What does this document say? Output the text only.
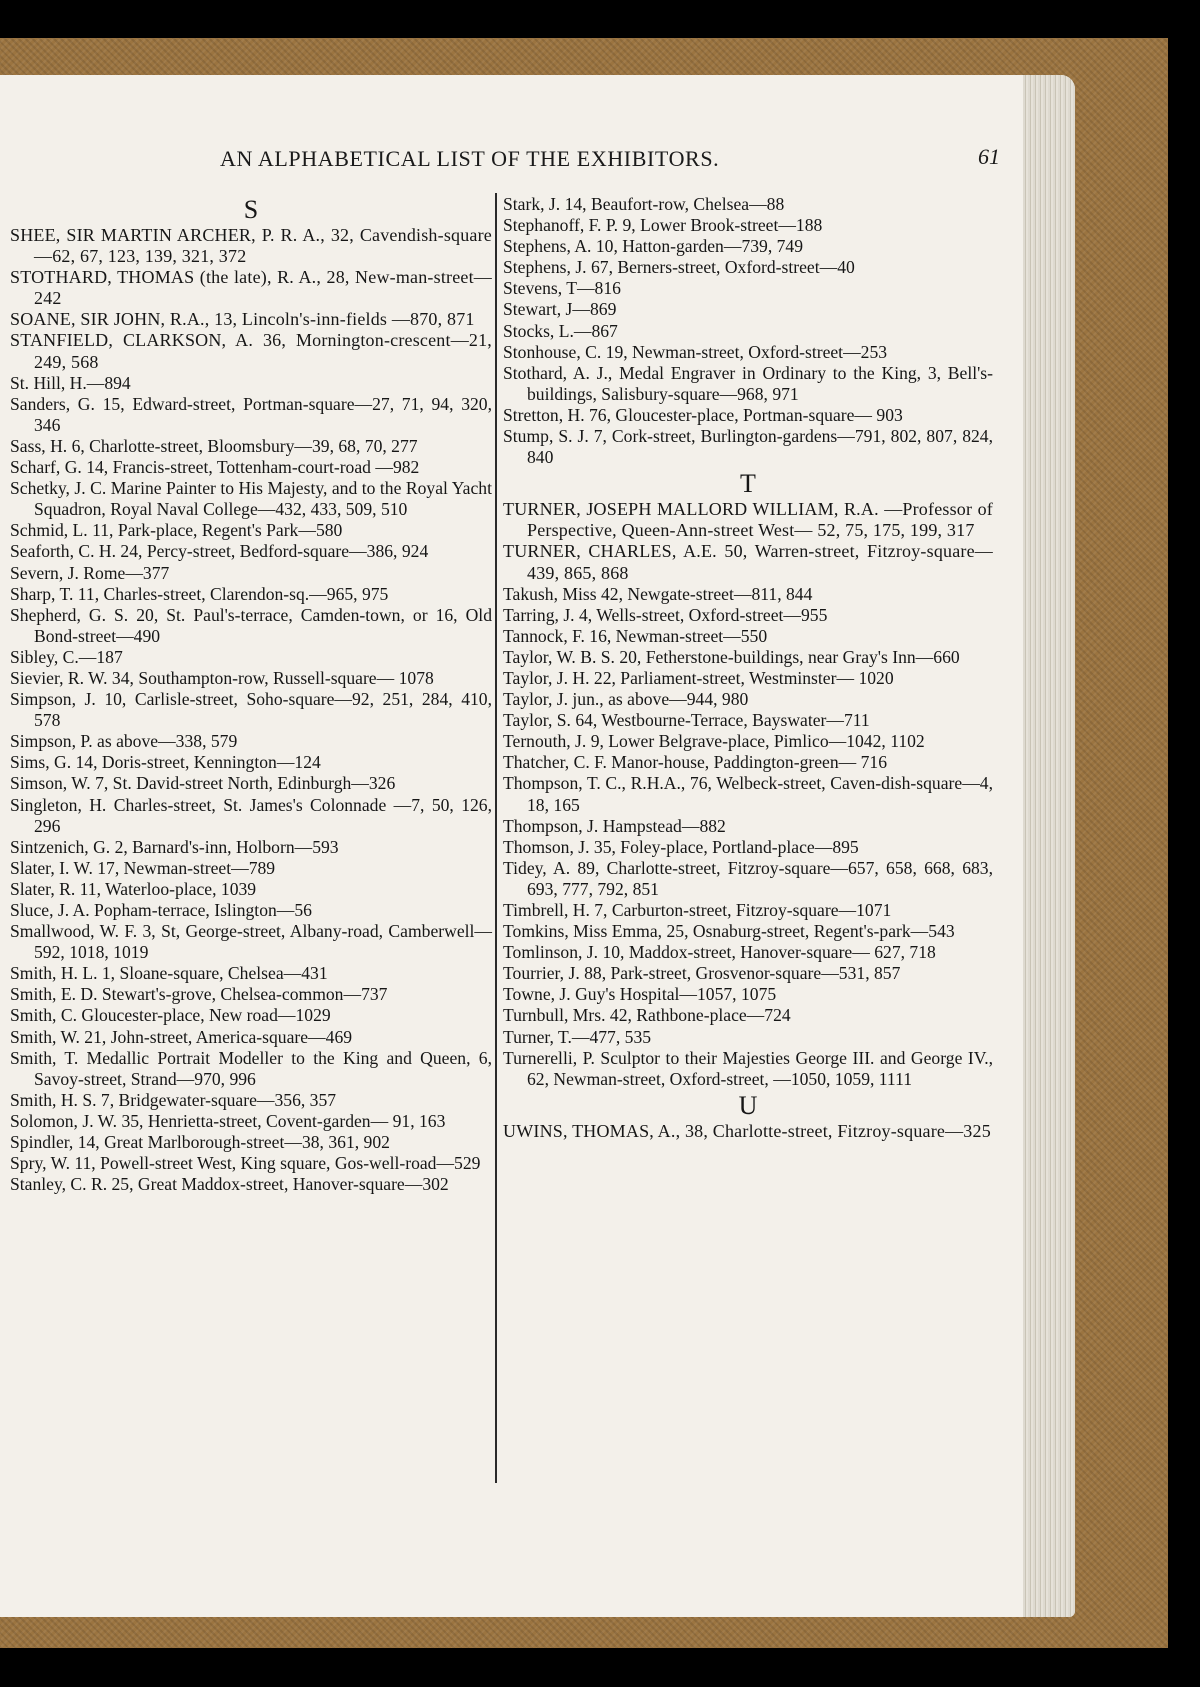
AN ALPHABETICAL LIST OF THE EXHIBITORS.	61
S
SHEE, SIR MARTIN ARCHER, P. R. A., 32, Cavendish-square—62, 67, 123, 139, 321, 372
STOTHARD, THOMAS (the late), R. A., 28, New-man-street—242
SOANE, SIR JOHN, R.A., 13, Lincoln's-inn-fields —870, 871
STANFIELD, CLARKSON, A. 36, Mornington-crescent—21, 249, 568
St. Hill, H.—894
Sanders, G. 15, Edward-street, Portman-square—27, 71, 94, 320, 346
Sass, H. 6, Charlotte-street, Bloomsbury—39, 68, 70, 277
Scharf, G. 14, Francis-street, Tottenham-court-road —982
Schetky, J. C. Marine Painter to His Majesty, and to the Royal Yacht Squadron, Royal Naval College—432, 433, 509, 510
Schmid, L. 11, Park-place, Regent's Park—580
Seaforth, C. H. 24, Percy-street, Bedford-square—386, 924
Severn, J. Rome—377
Sharp, T. 11, Charles-street, Clarendon-sq.—965, 975
Shepherd, G. S. 20, St. Paul's-terrace, Camden-town, or 16, Old Bond-street—490
Sibley, C.—187
Sievier, R. W. 34, Southampton-row, Russell-square— 1078
Simpson, J. 10, Carlisle-street, Soho-square—92, 251, 284, 410, 578
Simpson, P. as above—338, 579
Sims, G. 14, Doris-street, Kennington—124
Simson, W. 7, St. David-street North, Edinburgh—326
Singleton, H. Charles-street, St. James's Colonnade —7, 50, 126, 296
Sintzenich, G. 2, Barnard's-inn, Holborn—593
Slater, I. W. 17, Newman-street—789
Slater, R. 11, Waterloo-place, 1039
Sluce, J. A. Popham-terrace, Islington—56
Smallwood, W. F. 3, St, George-street, Albany-road, Camberwell—592, 1018, 1019
Smith, H. L. 1, Sloane-square, Chelsea—431
Smith, E. D. Stewart's-grove, Chelsea-common—737
Smith, C. Gloucester-place, New road—1029
Smith, W. 21, John-street, America-square—469
Smith, T. Medallic Portrait Modeller to the King and Queen, 6, Savoy-street, Strand—970, 996
Smith, H. S. 7, Bridgewater-square—356, 357
Solomon, J. W. 35, Henrietta-street, Covent-garden— 91, 163
Spindler, 14, Great Marlborough-street—38, 361, 902
Spry, W. 11, Powell-street West, King square, Gos-well-road—529
Stanley, C. R. 25, Great Maddox-street, Hanover-square—302
Stark, J. 14, Beaufort-row, Chelsea—88
Stephanoff, F. P. 9, Lower Brook-street—188
Stephens, A. 10, Hatton-garden—739, 749
Stephens, J. 67, Berners-street, Oxford-street—40
Stevens, T—816
Stewart, J—869
Stocks, L.—867
Stonhouse, C. 19, Newman-street, Oxford-street—253
Stothard, A. J., Medal Engraver in Ordinary to the King, 3, Bell's-buildings, Salisbury-square—968, 971
Stretton, H. 76, Gloucester-place, Portman-square— 903
Stump, S. J. 7, Cork-street, Burlington-gardens—791, 802, 807, 824, 840
T
TURNER, JOSEPH MALLORD WILLIAM, R.A. —Professor of Perspective, Queen-Ann-street West— 52, 75, 175, 199, 317
TURNER, CHARLES, A.E. 50, Warren-street, Fitzroy-square—439, 865, 868
Takush, Miss 42, Newgate-street—811, 844
Tarring, J. 4, Wells-street, Oxford-street—955
Tannock, F. 16, Newman-street—550
Taylor, W. B. S. 20, Fetherstone-buildings, near Gray's Inn—660
Taylor, J. H. 22, Parliament-street, Westminster— 1020
Taylor, J. jun., as above—944, 980
Taylor, S. 64, Westbourne-Terrace, Bayswater—711
Ternouth, J. 9, Lower Belgrave-place, Pimlico—1042, 1102
Thatcher, C. F. Manor-house, Paddington-green— 716
Thompson, T. C., R.H.A., 76, Welbeck-street, Caven-dish-square—4, 18, 165
Thompson, J. Hampstead—882
Thomson, J. 35, Foley-place, Portland-place—895
Tidey, A. 89, Charlotte-street, Fitzroy-square—657, 658, 668, 683, 693, 777, 792, 851
Timbrell, H. 7, Carburton-street, Fitzroy-square—1071
Tomkins, Miss Emma, 25, Osnaburg-street, Regent's-park—543
Tomlinson, J. 10, Maddox-street, Hanover-square— 627, 718
Tourrier, J. 88, Park-street, Grosvenor-square—531, 857
Towne, J. Guy's Hospital—1057, 1075
Turnbull, Mrs. 42, Rathbone-place—724
Turner, T.—477, 535
Turnerelli, P. Sculptor to their Majesties George III. and George IV., 62, Newman-street, Oxford-street, —1050, 1059, 1111
U
UWINS, THOMAS, A., 38, Charlotte-street, Fitzroy-square—325
